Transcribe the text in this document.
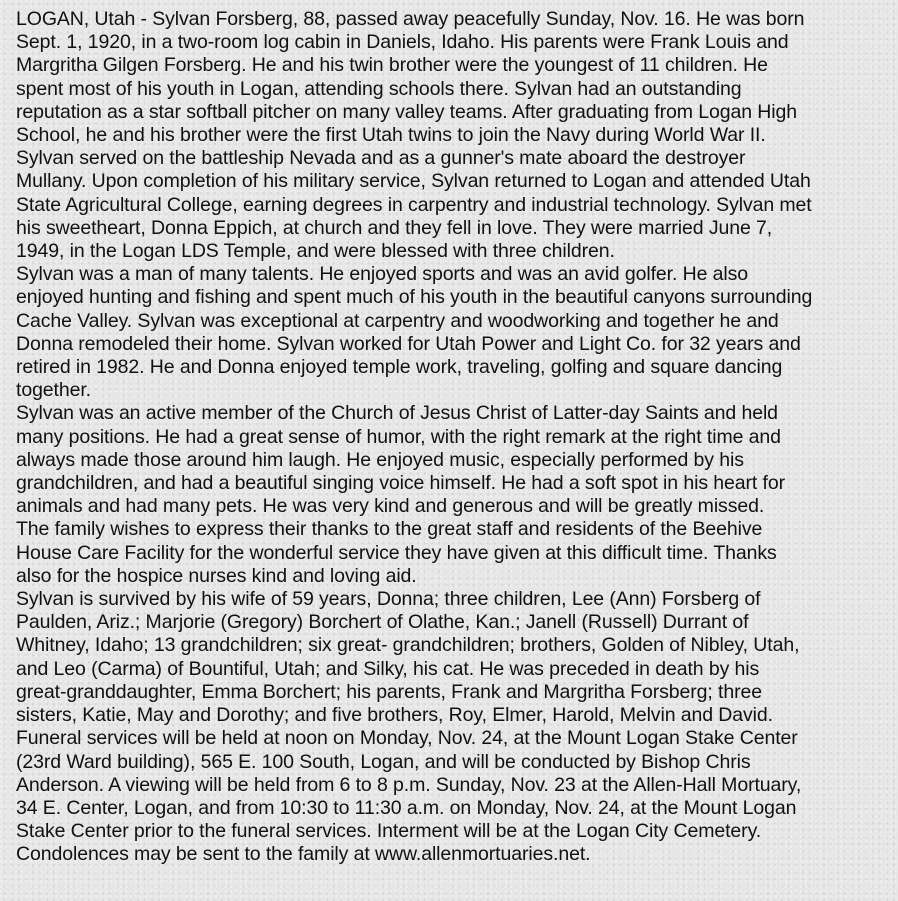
LOGAN, Utah - Sylvan Forsberg, 88, passed away peacefully Sunday, Nov. 16. He was born
Sept. 1, 1920, in a two-room log cabin in Daniels, Idaho. His parents were Frank Louis and
Margritha Gilgen Forsberg. He and his twin brother were the youngest of 11 children. He
spent most of his youth in Logan, attending schools there. Sylvan had an outstanding
reputation as a star softball pitcher on many valley teams. After graduating from Logan High
School, he and his brother were the first Utah twins to join the Navy during World War II.
Sylvan served on the battleship Nevada and as a gunner's mate aboard the destroyer
Mullany. Upon completion of his military service, Sylvan returned to Logan and attended Utah
State Agricultural College, earning degrees in carpentry and industrial technology. Sylvan met
his sweetheart, Donna Eppich, at church and they fell in love. They were married June 7,
1949, in the Logan LDS Temple, and were blessed with three children.
Sylvan was a man of many talents. He enjoyed sports and was an avid golfer. He also
enjoyed hunting and fishing and spent much of his youth in the beautiful canyons surrounding
Cache Valley. Sylvan was exceptional at carpentry and woodworking and together he and
Donna remodeled their home. Sylvan worked for Utah Power and Light Co. for 32 years and
retired in 1982. He and Donna enjoyed temple work, traveling, golfing and square dancing
together.
Sylvan was an active member of the Church of Jesus Christ of Latter-day Saints and held
many positions. He had a great sense of humor, with the right remark at the right time and
always made those around him laugh. He enjoyed music, especially performed by his
grandchildren, and had a beautiful singing voice himself. He had a soft spot in his heart for
animals and had many pets. He was very kind and generous and will be greatly missed.
The family wishes to express their thanks to the great staff and residents of the Beehive
House Care Facility for the wonderful service they have given at this difficult time. Thanks
also for the hospice nurses kind and loving aid.
Sylvan is survived by his wife of 59 years, Donna; three children, Lee (Ann) Forsberg of
Paulden, Ariz.; Marjorie (Gregory) Borchert of Olathe, Kan.; Janell (Russell) Durrant of
Whitney, Idaho; 13 grandchildren; six great- grandchildren; brothers, Golden of Nibley, Utah,
and Leo (Carma) of Bountiful, Utah; and Silky, his cat. He was preceded in death by his
great-granddaughter, Emma Borchert; his parents, Frank and Margritha Forsberg; three
sisters, Katie, May and Dorothy; and five brothers, Roy, Elmer, Harold, Melvin and David.
Funeral services will be held at noon on Monday, Nov. 24, at the Mount Logan Stake Center
(23rd Ward building), 565 E. 100 South, Logan, and will be conducted by Bishop Chris
Anderson. A viewing will be held from 6 to 8 p.m. Sunday, Nov. 23 at the Allen-Hall Mortuary,
34 E. Center, Logan, and from 10:30 to 11:30 a.m. on Monday, Nov. 24, at the Mount Logan
Stake Center prior to the funeral services. Interment will be at the Logan City Cemetery.
Condolences may be sent to the family at www.allenmortuaries.net.
